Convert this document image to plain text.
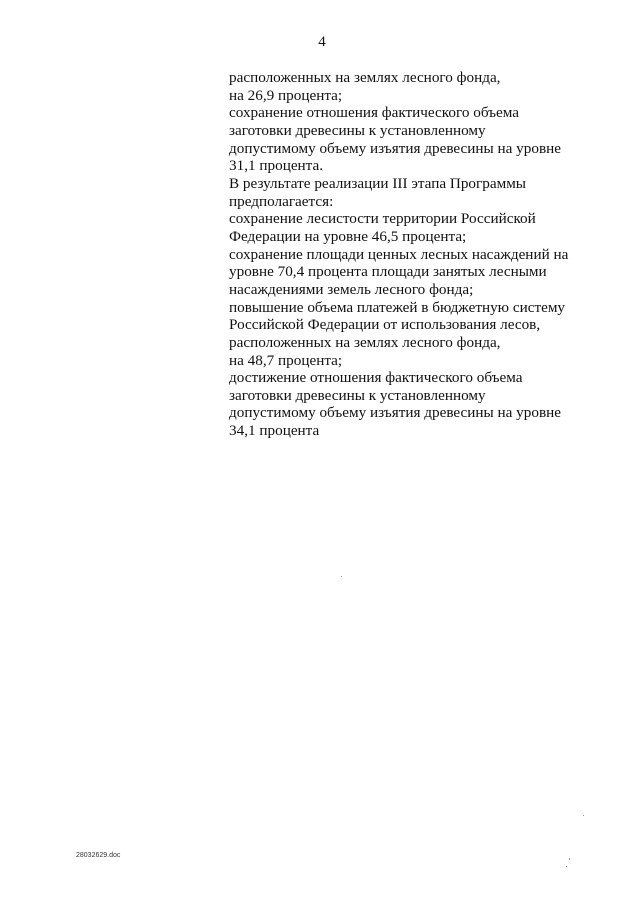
4
расположенных на землях лесного фонда,
на 26,9 процента;
сохранение отношения фактического объема
заготовки древесины к установленному
допустимому объему изъятия древесины на уровне
31,1 процента.
В результате реализации III этапа Программы
предполагается:
сохранение лесистости территории Российской
Федерации на уровне 46,5 процента;
сохранение площади ценных лесных насаждений на
уровне 70,4 процента площади занятых лесными
насаждениями земель лесного фонда;
повышение объема платежей в бюджетную систему
Российской Федерации от использования лесов,
расположенных на землях лесного фонда,
на 48,7 процента;
достижение отношения фактического объема
заготовки древесины к установленному
допустимому объему изъятия древесины на уровне
34,1 процента
28032629.doc
